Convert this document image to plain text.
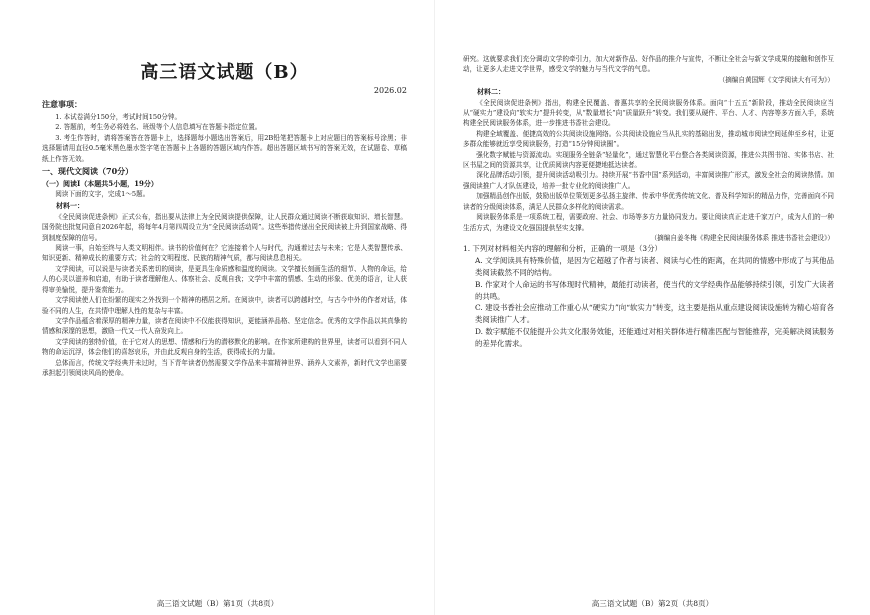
高三语文试题（B）
2026.02
注意事项：

1. 本试卷满分150分，考试时间150分钟。

2. 答题前，考生务必将姓名、班级等个人信息填写在答题卡指定位置。

3. 考生作答时，请将答案答在答题卡上，选择题每小题选出答案后，用2B铅笔把答题卡上对应题目的答案标号涂黑；非选择题请用直径0.5毫米黑色墨水签字笔在答题卡上各题的答题区域内作答。超出答题区域书写的答案无效，在试题卷、草稿纸上作答无效。

一、现代文阅读（70分）
（一）阅读Ⅰ（本题共5小题，19分）

阅读下面的文字，完成1～5题。

材料一：

《全民阅读促进条例》正式公布，指出要从法律上为全民阅读提供保障，让人民群众通过阅读不断获取知识、增长智慧。国务院也批复同意自2026年起，将每年4月第四周设立为“全民阅读活动周”。这些举措传递出全民阅读被上升到国家战略、得到制度保障的信号。

阅读一事，自始至终与人类文明相伴。读书的价值何在？它连接着个人与时代，沟通着过去与未来；它是人类智慧传承、知识更新、精神成长的重要方式；社会的文明程度、民族的精神气质，都与阅读息息相关。

文学阅读，可以说是与读者关系密切的阅读，是更具生命质感和温度的阅读。文学擅长刻画生活的细节、人物的命运，给人的心灵以滋养和启迪，有助于读者理解他人、体察社会、反观自我；文学中丰富的情感、生动的形象、优美的语言，让人获得审美愉悦，提升鉴赏能力。

文学阅读使人们在纷繁的现实之外找到一个精神的栖居之所。在阅读中，读者可以跨越时空，与古今中外的作者对话，体验不同的人生，在共情中理解人性的复杂与丰富。

文学作品蕴含着深厚的精神力量，读者在阅读中不仅能获得知识，更能涵养品格、坚定信念。优秀的文学作品以其真挚的情感和深邃的思想，激励一代又一代人奋发向上。

文学阅读的独特价值，在于它对人的思想、情感和行为的潜移默化的影响。在作家所建构的世界里，读者可以看到不同人物的命运沉浮，体会他们的喜怒哀乐，并由此反观自身的生活，获得成长的力量。

总体而言，传统文学经典并未过时，当下青年读者仍然需要文学作品来丰富精神世界、涵养人文素养，新时代文学也需要承担起引领阅读风尚的使命。

高三语文试题（B）第1页（共8页）

研究。这就要求我们充分调动文学的牵引力，加大对新作品、好作品的推介与宣传，不断让全社会与新文学成果的接触和创作互动，让更多人走进文学世界，感受文学的魅力与当代文学的气息。

（摘编自黄国辉《文学阅读大有可为》）

材料二：

《全民阅读促进条例》指出，构建全民覆盖、普惠共享的全民阅读服务体系。面向“十五五”新阶段，推动全民阅读应当从“硬实力”建设向“软实力”提升转变，从“数量增长”向“质量跃升”转变。我们要从硬件、平台、人才、内容等多方面入手，系统构建全民阅读服务体系，进一步推进书香社会建设。

构建全域覆盖、便捷高效的公共阅读设施网络。公共阅读设施应当从扎实的基础出发，推动城市阅读空间延伸至乡村，让更多群众能够就近享受阅读服务，打造“15分钟阅读圈”。

强化数字赋能与资源流动。实现服务全链条“轻量化”，通过智慧化平台整合各类阅读资源，推进公共图书馆、实体书店、社区书屋之间的资源共享，让优质阅读内容更便捷地抵达读者。

深化品牌活动引领，提升阅读活动吸引力。持续开展“书香中国”系列活动，丰富阅读推广形式，激发全社会的阅读热情。加强阅读推广人才队伍建设，培养一批专业化的阅读推广人。

加强精品创作出版，鼓励出版单位策划更多弘扬主旋律、传承中华优秀传统文化、普及科学知识的精品力作，完善面向不同读者的分级阅读体系，满足人民群众多样化的阅读需求。

阅读服务体系是一项系统工程，需要政府、社会、市场等多方力量协同发力。要让阅读真正走进千家万户，成为人们的一种生活方式，为建设文化强国提供坚实支撑。

（摘编自姜冬梅《构建全民阅读服务体系 推进书香社会建设》）

1. 下列对材料相关内容的理解和分析，正确的一项是（3分）

A. 文学阅读具有特殊价值，是因为它超越了作者与读者、阅读与心性的距离，在共同的情感中形成了与其他品类阅读截然不同的结构。

B. 作家对个人命运的书写体现时代精神，最能打动读者，使当代的文学经典作品能够持续引领，引发广大读者的共鸣。

C. 建设书香社会应推动工作重心从“硬实力”向“软实力”转变，这主要是指从重点建设阅读设施转为精心培育各类阅读推广人才。

D. 数字赋能不仅能提升公共文化服务效能，还能通过对相关群体进行精准匹配与智能推荐，完美解决阅读服务的差异化需求。

高三语文试题（B）第2页（共8页）
